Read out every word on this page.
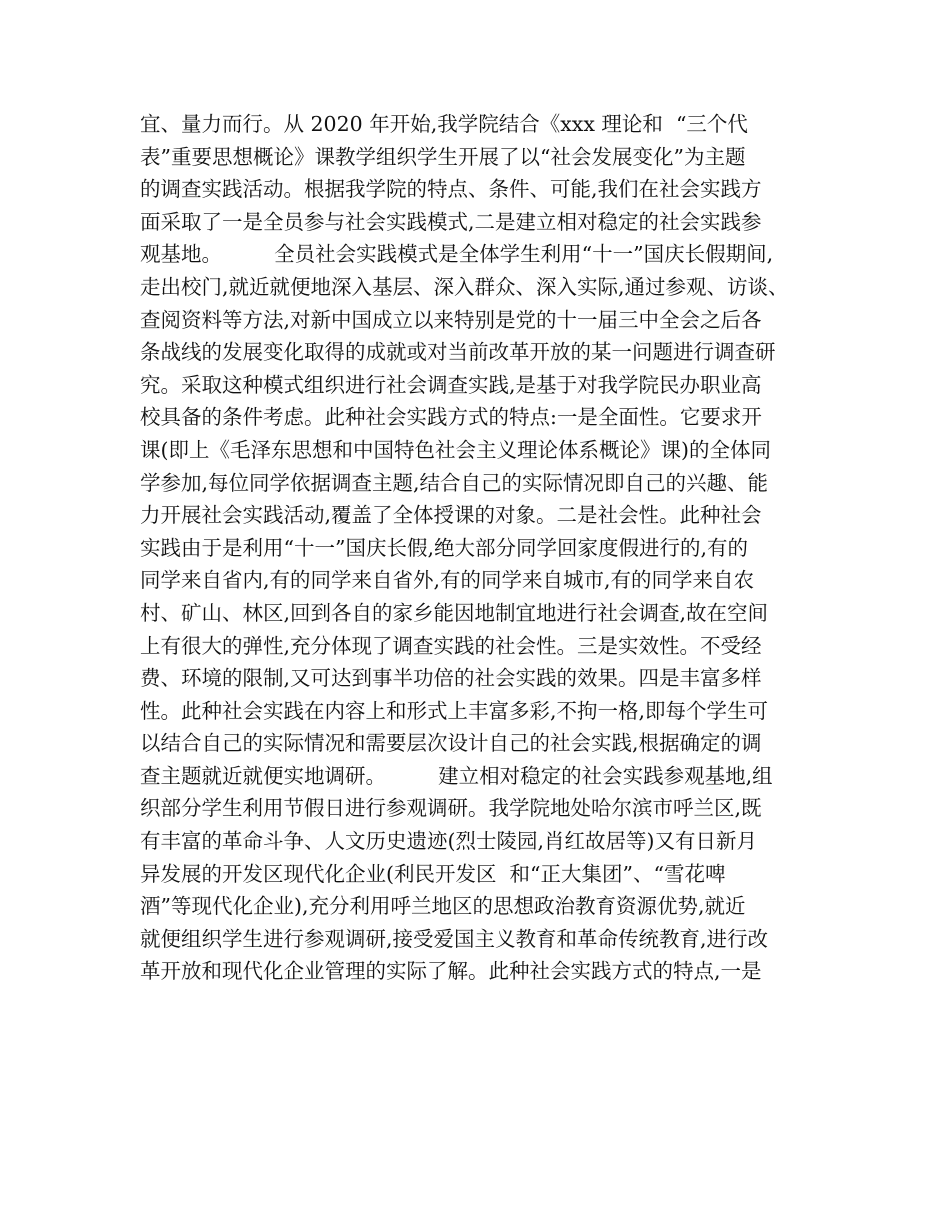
宜、量力而行。从 2020 年开始,我学院结合《xxx 理论和  “三个代
表”重要思想概论》课教学组织学生开展了以“社会发展变化”为主题
的调查实践活动。根据我学院的特点、条件、可能,我们在社会实践方
面采取了一是全员参与社会实践模式,二是建立相对稳定的社会实践参
观基地。        全员社会实践模式是全体学生利用“十一”国庆长假期间,
走出校门,就近就便地深入基层、深入群众、深入实际,通过参观、访谈、
查阅资料等方法,对新中国成立以来特别是党的十一届三中全会之后各
条战线的发展变化取得的成就或对当前改革开放的某一问题进行调查研
究。采取这种模式组织进行社会调查实践,是基于对我学院民办职业高
校具备的条件考虑。此种社会实践方式的特点:一是全面性。它要求开
课(即上《毛泽东思想和中国特色社会主义理论体系概论》课)的全体同
学参加,每位同学依据调查主题,结合自己的实际情况即自己的兴趣、能
力开展社会实践活动,覆盖了全体授课的对象。二是社会性。此种社会
实践由于是利用“十一”国庆长假,绝大部分同学回家度假进行的,有的
同学来自省内,有的同学来自省外,有的同学来自城市,有的同学来自农
村、矿山、林区,回到各自的家乡能因地制宜地进行社会调查,故在空间
上有很大的弹性,充分体现了调查实践的社会性。三是实效性。不受经
费、环境的限制,又可达到事半功倍的社会实践的效果。四是丰富多样
性。此种社会实践在内容上和形式上丰富多彩,不拘一格,即每个学生可
以结合自己的实际情况和需要层次设计自己的社会实践,根据确定的调
查主题就近就便实地调研。        建立相对稳定的社会实践参观基地,组
织部分学生利用节假日进行参观调研。我学院地处哈尔滨市呼兰区,既
有丰富的革命斗争、人文历史遗迹(烈士陵园,肖红故居等)又有日新月
异发展的开发区现代化企业(利民开发区  和“正大集团”、“雪花啤
酒”等现代化企业),充分利用呼兰地区的思想政治教育资源优势,就近
就便组织学生进行参观调研,接受爱国主义教育和革命传统教育,进行改
革开放和现代化企业管理的实际了解。此种社会实践方式的特点,一是
